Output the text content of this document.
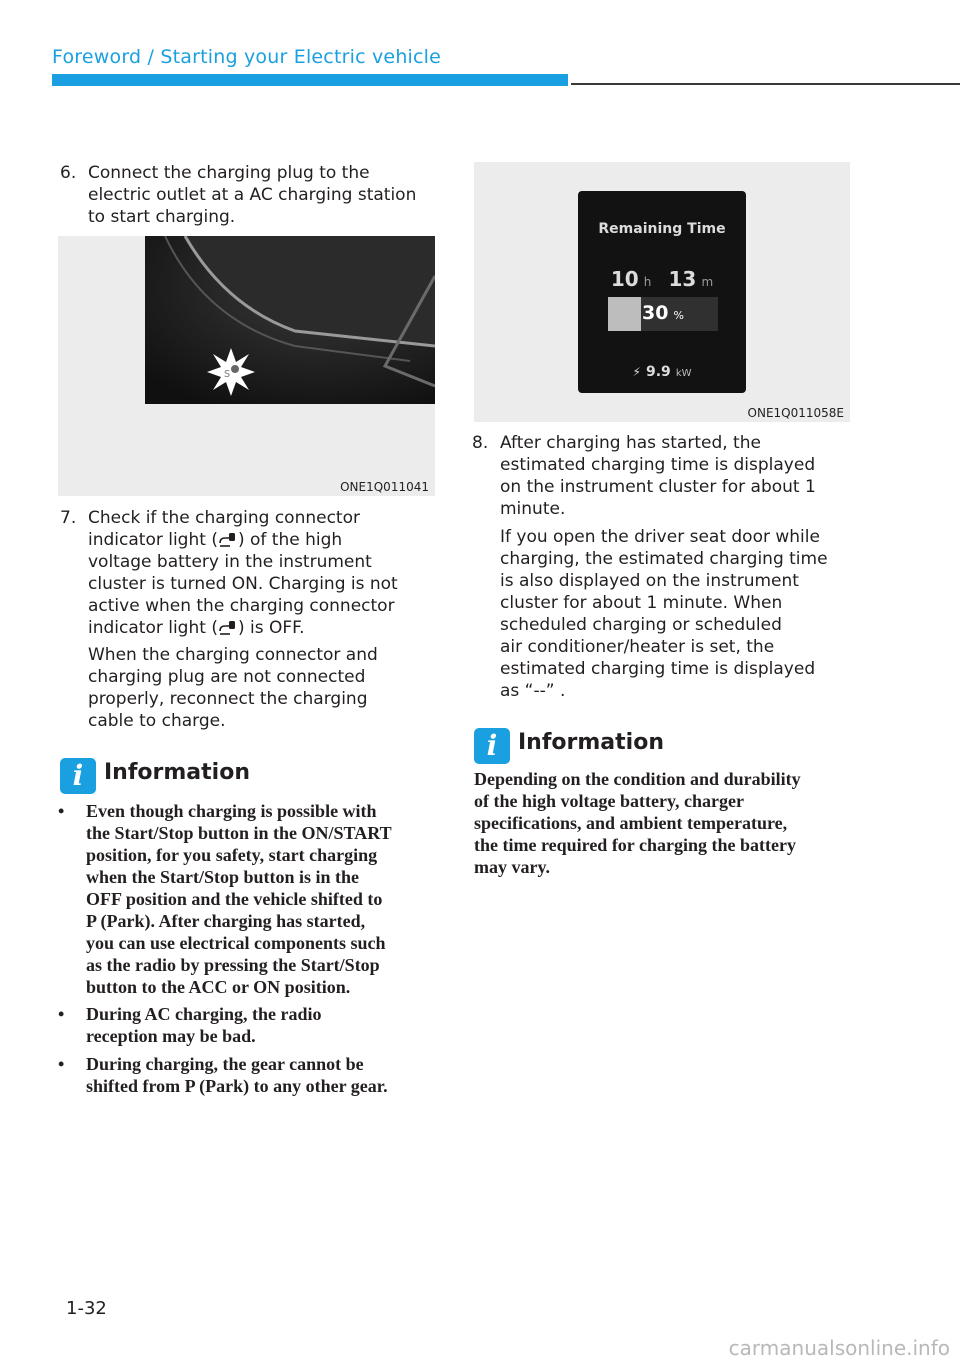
Foreword / Starting your Electric vehicle
6. Connect the charging plug to the
electric outlet at a AC charging station
to start charging.
s
ONE1Q011041
7. Check if the charging connector
indicator light ( ) of the high
voltage battery in the instrument
cluster is turned ON. Charging is not
active when the charging connector
indicator light ( ) is OFF.
When the charging connector and
charging plug are not connected
properly, reconnect the charging
cable to charge.
i Information
• Even though charging is possible with
the Start/Stop button in the ON/START
position, for you safety, start charging
when the Start/Stop button is in the
OFF position and the vehicle shifted to
P (Park). After charging has started,
you can use electrical components such
as the radio by pressing the Start/Stop
button to the ACC or ON position.
• During AC charging, the radio
reception may be bad.
• During charging, the gear cannot be
shifted from P (Park) to any other gear.
Remaining Time
10 h 13 m
30 %
⚡ 9.9 kW
ONE1Q011058E
8. After charging has started, the
estimated charging time is displayed
on the instrument cluster for about 1
minute.
If you open the driver seat door while
charging, the estimated charging time
is also displayed on the instrument
cluster for about 1 minute. When
scheduled charging or scheduled
air conditioner/heater is set, the
estimated charging time is displayed
as “--” .
i Information
Depending on the condition and durability
of the high voltage battery, charger
specifications, and ambient temperature,
the time required for charging the battery
may vary.
1-32
carmanualsonline.info
